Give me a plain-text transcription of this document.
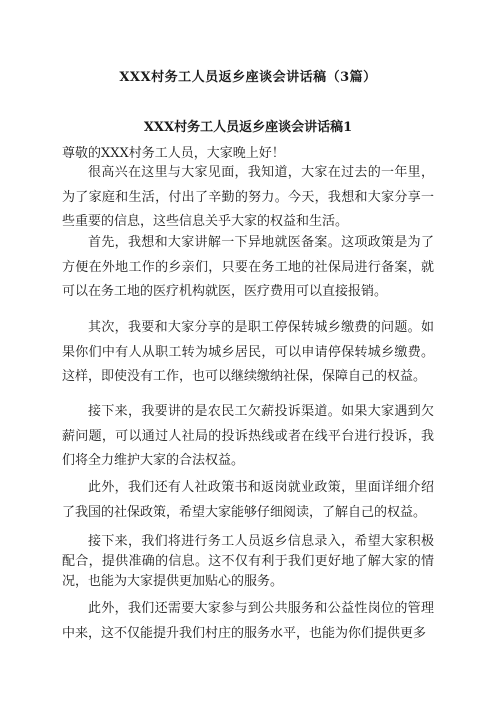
XXX村务工人员返乡座谈会讲话稿（3篇）
XXX村务工人员返乡座谈会讲话稿1
尊敬的XXX村务工人员，大家晚上好！

很高兴在这里与大家见面，我知道，大家在过去的一年里，为了家庭和生活，付出了辛勤的努力。今天，我想和大家分享一些重要的信息，这些信息关乎大家的权益和生活。

首先，我想和大家讲解一下异地就医备案。这项政策是为了方便在外地工作的乡亲们，只要在务工地的社保局进行备案，就可以在务工地的医疗机构就医，医疗费用可以直接报销。

其次，我要和大家分享的是职工停保转城乡缴费的问题。如果你们中有人从职工转为城乡居民，可以申请停保转城乡缴费。这样，即使没有工作，也可以继续缴纳社保，保障自己的权益。

接下来，我要讲的是农民工欠薪投诉渠道。如果大家遇到欠薪问题，可以通过人社局的投诉热线或者在线平台进行投诉，我们将全力维护大家的合法权益。

此外，我们还有人社政策书和返岗就业政策，里面详细介绍了我国的社保政策，希望大家能够仔细阅读，了解自己的权益。

接下来，我们将进行务工人员返乡信息录入，希望大家积极配合，提供准确的信息。这不仅有利于我们更好地了解大家的情况，也能为大家提供更加贴心的服务。

此外，我们还需要大家参与到公共服务和公益性岗位的管理中来，这不仅能提升我们村庄的服务水平，也能为你们提供更多
